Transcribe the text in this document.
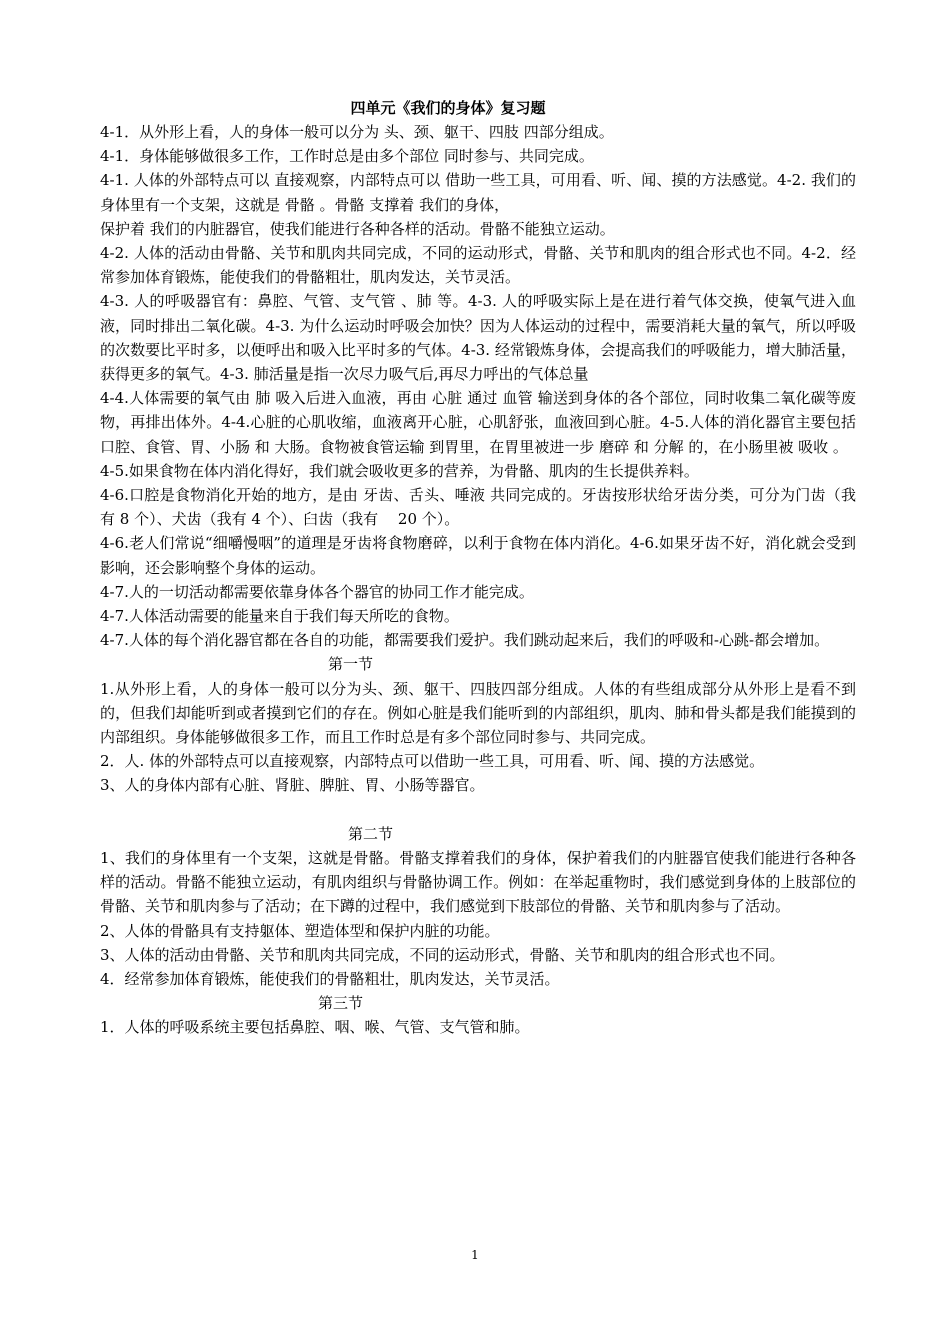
四单元《我们的身体》复习题

4-1．从外形上看，人的身体一般可以分为 头、颈、躯干、四肢 四部分组成。

4-1．身体能够做很多工作，工作时总是由多个部位 同时参与、共同完成。

4-1. 人体的外部特点可以 直接观察，内部特点可以 借助一些工具，可用看、听、闻、摸的方法感觉。4-2. 我们的身体里有一个支架，这就是 骨骼 。骨骼 支撑着 我们的身体，

保护着 我们的内脏器官，使我们能进行各种各样的活动。骨骼不能独立运动。

4-2. 人体的活动由骨骼、关节和肌肉共同完成，不同的运动形式，骨骼、关节和肌肉的组合形式也不同。4-2．经常参加体育锻炼，能使我们的骨骼粗壮，肌肉发达，关节灵活。

4-3. 人的呼吸器官有：鼻腔、气管、支气管 、肺 等。4-3. 人的呼吸实际上是在进行着气体交换，使氧气进入血液，同时排出二氧化碳。4-3. 为什么运动时呼吸会加快？因为人体运动的过程中，需要消耗大量的氧气，所以呼吸的次数要比平时多，以便呼出和吸入比平时多的气体。4-3. 经常锻炼身体，会提高我们的呼吸能力，增大肺活量，获得更多的氧气。4-3. 肺活量是指一次尽力吸气后,再尽力呼出的气体总量

4-4.人体需要的氧气由 肺 吸入后进入血液，再由 心脏 通过 血管 输送到身体的各个部位，同时收集二氧化碳等废物，再排出体外。4-4.心脏的心肌收缩，血液离开心脏，心肌舒张，血液回到心脏。4-5.人体的消化器官主要包括 口腔、食管、胃、小肠 和 大肠。食物被食管运输 到胃里，在胃里被进一步 磨碎 和 分解 的，在小肠里被 吸收 。

4-5.如果食物在体内消化得好，我们就会吸收更多的营养，为骨骼、肌肉的生长提供养料。

4-6.口腔是食物消化开始的地方，是由 牙齿、舌头、唾液 共同完成的。牙齿按形状给牙齿分类，可分为门齿（我有 8 个）、犬齿（我有 4 个）、臼齿（我有　 20 个）。

4-6.老人们常说“细嚼慢咽”的道理是牙齿将食物磨碎，以利于食物在体内消化。4-6.如果牙齿不好，消化就会受到影响，还会影响整个身体的运动。

4-7.人的一切活动都需要依靠身体各个器官的协同工作才能完成。

4-7.人体活动需要的能量来自于我们每天所吃的食物。

4-7.人体的每个消化器官都在各自的功能，都需要我们爱护。我们跳动起来后，我们的呼吸和-心跳-都会增加。

第一节

1.从外形上看，人的身体一般可以分为头、颈、躯干、四肢四部分组成。人体的有些组成部分从外形上是看不到的，但我们却能听到或者摸到它们的存在。例如心脏是我们能听到的内部组织，肌肉、肺和骨头都是我们能摸到的内部组织。身体能够做很多工作，而且工作时总是有多个部位同时参与、共同完成。

2．人. 体的外部特点可以直接观察，内部特点可以借助一些工具，可用看、听、闻、摸的方法感觉。

3、人的身体内部有心脏、肾脏、脾脏、胃、小肠等器官。

第二节

1、我们的身体里有一个支架，这就是骨骼。骨骼支撑着我们的身体，保护着我们的内脏器官使我们能进行各种各样的活动。骨骼不能独立运动，有肌肉组织与骨骼协调工作。例如：在举起重物时，我们感觉到身体的上肢部位的骨骼、关节和肌肉参与了活动；在下蹲的过程中，我们感觉到下肢部位的骨骼、关节和肌肉参与了活动。

2、人体的骨骼具有支持躯体、塑造体型和保护内脏的功能。

3、人体的活动由骨骼、关节和肌肉共同完成，不同的运动形式，骨骼、关节和肌肉的组合形式也不同。

4．经常参加体育锻炼，能使我们的骨骼粗壮，肌肉发达，关节灵活。

第三节

1．人体的呼吸系统主要包括鼻腔、咽、喉、气管、支气管和肺。

1
